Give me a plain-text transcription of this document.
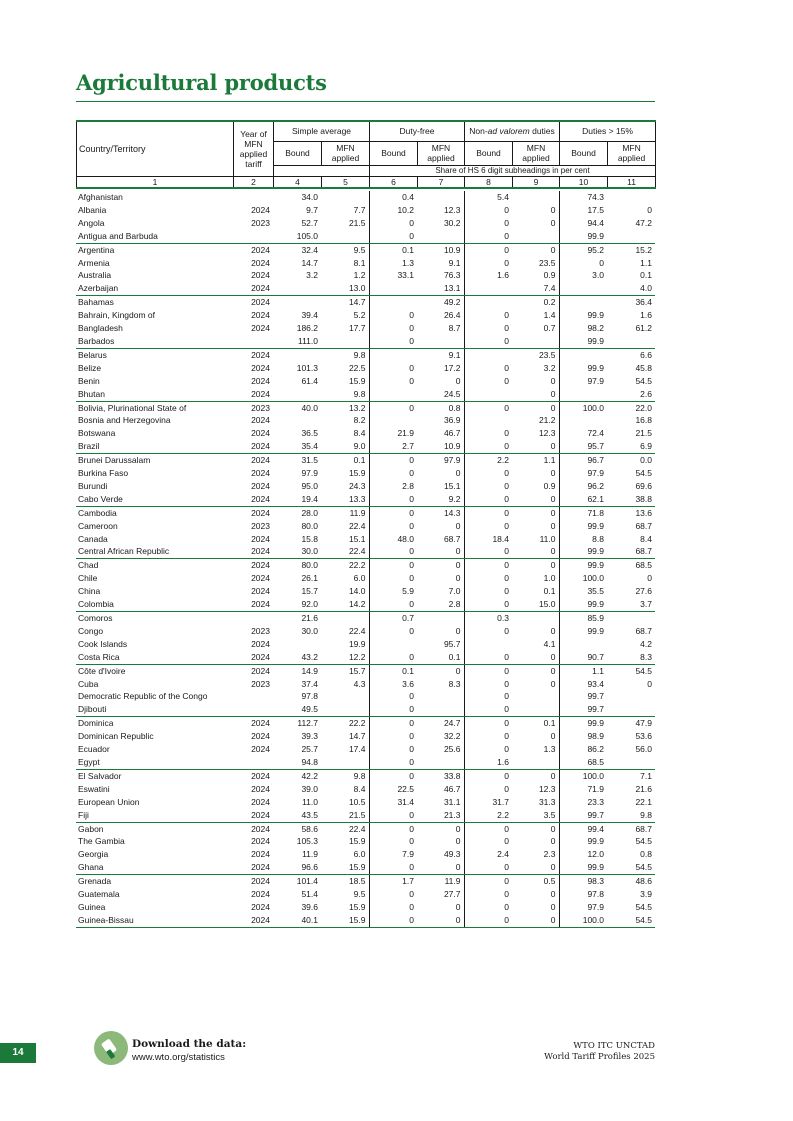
Agricultural products
Country/Territory	Year of MFN applied tariff	Simple average		Duty-free		Non-ad valorem duties		Duties > 15%	
		Bound	MFN applied	Bound	MFN applied	Bound	MFN applied	Bound	MFN applied
				Share of HS 6 digit subheadings in per cent					
1	2	4	5	6	7	8	9	10	11
Afghanistan		34.0		0.4		5.4		74.3	
Albania	2024	9.7	7.7	10.2	12.3	0	0	17.5	0
Angola	2023	52.7	21.5	0	30.2	0	0	94.4	47.2
Antigua and Barbuda		105.0		0		0		99.9	
Argentina	2024	32.4	9.5	0.1	10.9	0	0	95.2	15.2
Armenia	2024	14.7	8.1	1.3	9.1	0	23.5	0	1.1
Australia	2024	3.2	1.2	33.1	76.3	1.6	0.9	3.0	0.1
Azerbaijan	2024		13.0		13.1		7.4		4.0
Bahamas	2024		14.7		49.2		0.2		36.4
Bahrain, Kingdom of	2024	39.4	5.2	0	26.4	0	1.4	99.9	1.6
Bangladesh	2024	186.2	17.7	0	8.7	0	0.7	98.2	61.2
Barbados		111.0		0		0		99.9	
Belarus	2024		9.8		9.1		23.5		6.6
Belize	2024	101.3	22.5	0	17.2	0	3.2	99.9	45.8
Benin	2024	61.4	15.9	0	0	0	0	97.9	54.5
Bhutan	2024		9.8		24.5		0		2.6
Bolivia, Plurinational State of	2023	40.0	13.2	0	0.8	0	0	100.0	22.0
Bosnia and Herzegovina	2024		8.2		36.9		21.2		16.8
Botswana	2024	36.5	8.4	21.9	46.7	0	12.3	72.4	21.5
Brazil	2024	35.4	9.0	2.7	10.9	0	0	95.7	6.9
Brunei Darussalam	2024	31.5	0.1	0	97.9	2.2	1.1	96.7	0.0
Burkina Faso	2024	97.9	15.9	0	0	0	0	97.9	54.5
Burundi	2024	95.0	24.3	2.8	15.1	0	0.9	96.2	69.6
Cabo Verde	2024	19.4	13.3	0	9.2	0	0	62.1	38.8
Cambodia	2024	28.0	11.9	0	14.3	0	0	71.8	13.6
Cameroon	2023	80.0	22.4	0	0	0	0	99.9	68.7
Canada	2024	15.8	15.1	48.0	68.7	18.4	11.0	8.8	8.4
Central African Republic	2024	30.0	22.4	0	0	0	0	99.9	68.7
Chad	2024	80.0	22.2	0	0	0	0	99.9	68.5
Chile	2024	26.1	6.0	0	0	0	1.0	100.0	0
China	2024	15.7	14.0	5.9	7.0	0	0.1	35.5	27.6
Colombia	2024	92.0	14.2	0	2.8	0	15.0	99.9	3.7
Comoros		21.6		0.7		0.3		85.9	
Congo	2023	30.0	22.4	0	0	0	0	99.9	68.7
Cook Islands	2024		19.9		95.7		4.1		4.2
Costa Rica	2024	43.2	12.2	0	0.1	0	0	90.7	8.3
Côte d'Ivoire	2024	14.9	15.7	0.1	0	0	0	1.1	54.5
Cuba	2023	37.4	4.3	3.6	8.3	0	0	93.4	0
Democratic Republic of the Congo		97.8		0		0		99.7	
Djibouti		49.5		0		0		99.7	
Dominica	2024	112.7	22.2	0	24.7	0	0.1	99.9	47.9
Dominican Republic	2024	39.3	14.7	0	32.2	0	0	98.9	53.6
Ecuador	2024	25.7	17.4	0	25.6	0	1.3	86.2	56.0
Egypt		94.8		0		1.6		68.5	
El Salvador	2024	42.2	9.8	0	33.8	0	0	100.0	7.1
Eswatini	2024	39.0	8.4	22.5	46.7	0	12.3	71.9	21.6
European Union	2024	11.0	10.5	31.4	31.1	31.7	31.3	23.3	22.1
Fiji	2024	43.5	21.5	0	21.3	2.2	3.5	99.7	9.8
Gabon	2024	58.6	22.4	0	0	0	0	99.4	68.7
The Gambia	2024	105.3	15.9	0	0	0	0	99.9	54.5
Georgia	2024	11.9	6.0	7.9	49.3	2.4	2.3	12.0	0.8
Ghana	2024	96.6	15.9	0	0	0	0	99.9	54.5
Grenada	2024	101.4	18.5	1.7	11.9	0	0.5	98.3	48.6
Guatemala	2024	51.4	9.5	0	27.7	0	0	97.8	3.9
Guinea	2024	39.6	15.9	0	0	0	0	97.9	54.5
Guinea-Bissau	2024	40.1	15.9	0	0	0	0	100.0	54.5
14
Download the data:
www.wto.org/statistics
WTO ITC UNCTAD
World Tariff Profiles 2025
